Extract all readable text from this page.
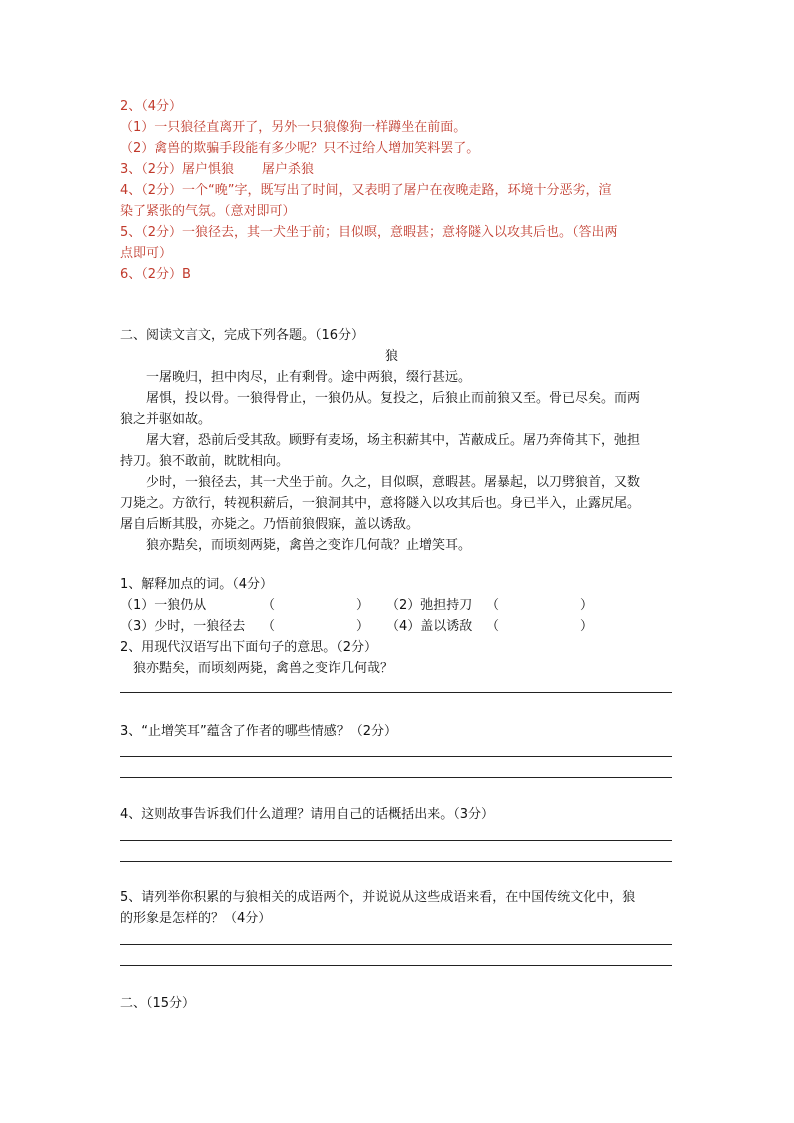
2、（4分）
（1）一只狼径直离开了，另外一只狼像狗一样蹲坐在前面。
（2）禽兽的欺骗手段能有多少呢？只不过给人增加笑料罢了。
3、（2分）屠户惧狼 屠户杀狼
4、（2分）一个“晚”字，既写出了时间，又表明了屠户在夜晚走路，环境十分恶劣，渲
染了紧张的气氛。（意对即可）
5、（2分）一狼径去，其一犬坐于前；目似暝，意暇甚；意将隧入以攻其后也。（答出两
点即可）
6、（2分）B
二、阅读文言文，完成下列各题。（16分）
狼
一屠晚归，担中肉尽，止有剩骨。途中两狼，缀行甚远。
屠惧，投以骨。一狼得骨止，一狼仍从。复投之，后狼止而前狼又至。骨已尽矣。而两
狼之并驱如故。
屠大窘，恐前后受其敌。顾野有麦场，场主积薪其中，苫蔽成丘。屠乃奔倚其下，弛担
持刀。狼不敢前，眈眈相向。
少时，一狼径去，其一犬坐于前。久之，目似暝，意暇甚。屠暴起，以刀劈狼首，又数
刀毙之。方欲行，转视积薪后，一狼洞其中，意将隧入以攻其后也。身已半入，止露尻尾。
屠自后断其股，亦毙之。乃悟前狼假寐，盖以诱敌。
狼亦黠矣，而顷刻两毙，禽兽之变诈几何哉？止增笑耳。
1、解释加点的词。（4分）
（1）一狼仍从	（	） （2）弛担持刀 （	）
（3）少时，一狼径去 （	） （4）盖以诱敌 （	）
2、用现代汉语写出下面句子的意思。（2分）
狼亦黠矣，而顷刻两毙，禽兽之变诈几何哉？
3、“止增笑耳”蕴含了作者的哪些情感？（2分）
4、这则故事告诉我们什么道理？请用自己的话概括出来。（3分）
5、请列举你积累的与狼相关的成语两个，并说说从这些成语来看，在中国传统文化中，狼
的形象是怎样的？（4分）
二、（15分）
